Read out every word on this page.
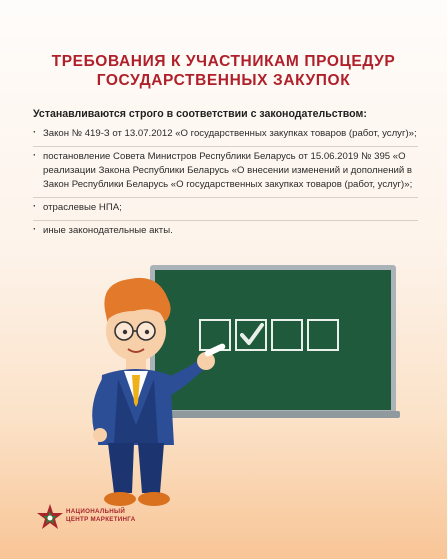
ТРЕБОВАНИЯ К УЧАСТНИКАМ ПРОЦЕДУР
ГОСУДАРСТВЕННЫХ ЗАКУПОК
Устанавливаются строго в соответствии с законодательством:
· Закон № 419-З от 13.07.2012 «О государственных закупках товаров (работ, услуг)»;
· постановление Совета Министров Республики Беларусь от 15.06.2019 № 395 «О реализации Закона Республики Беларусь «О внесении изменений и дополнений в Закон Республики Беларусь «О государственных закупках товаров (работ, услуг)»;
· отраслевые НПА;
· иные законодательные акты.
НАЦИОНАЛЬНЫЙ
ЦЕНТР МАРКЕТИНГА
